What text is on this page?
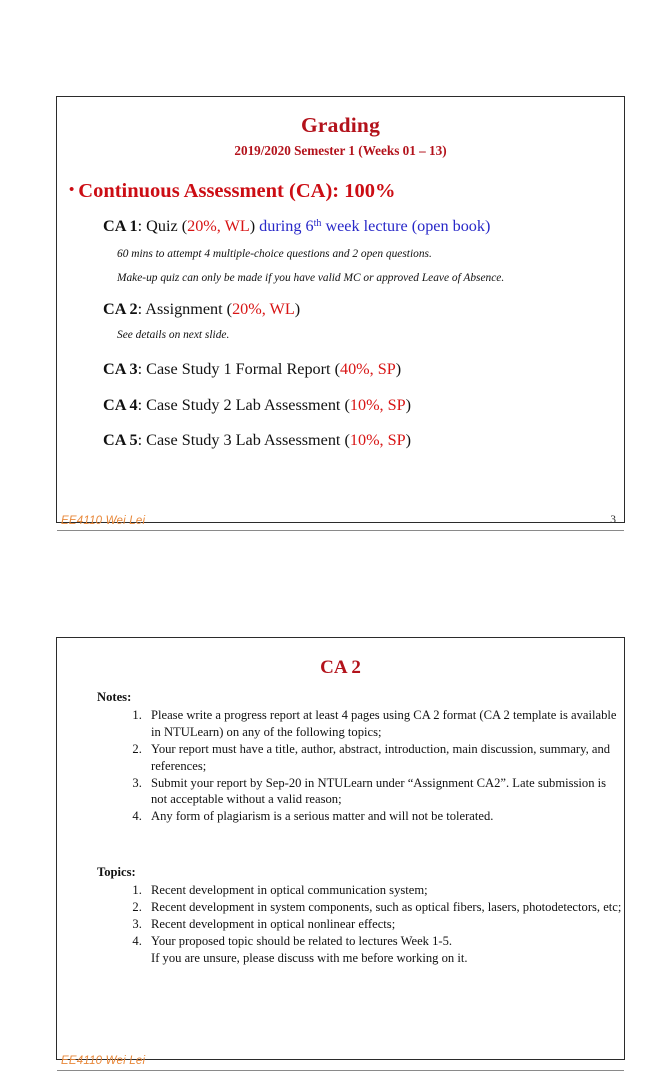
Grading
2019/2020 Semester 1 (Weeks 01 – 13)
• Continuous Assessment (CA): 100%
CA 1: Quiz (20%, WL) during 6th week lecture (open book)
60 mins to attempt 4 multiple-choice questions and 2 open questions.
Make-up quiz can only be made if you have valid MC or approved Leave of Absence.
CA 2: Assignment (20%, WL)
See details on next slide.
CA 3: Case Study 1 Formal Report (40%, SP)
CA 4: Case Study 2 Lab Assessment (10%, SP)
CA 5: Case Study 3 Lab Assessment (10%, SP)
EE4110 Wei Lei	3
CA 2
Notes:
1. Please write a progress report at least 4 pages using CA 2 format (CA 2 template is available in NTULearn) on any of the following topics;
2. Your report must have a title, author, abstract, introduction, main discussion, summary, and references;
3. Submit your report by Sep-20 in NTULearn under “Assignment CA2”. Late submission is not acceptable without a valid reason;
4. Any form of plagiarism is a serious matter and will not be tolerated.
Topics:
1. Recent development in optical communication system;
2. Recent development in system components, such as optical fibers, lasers, photodetectors, etc;
3. Recent development in optical nonlinear effects;
4. Your proposed topic should be related to lectures Week 1-5.
If you are unsure, please discuss with me before working on it.
EE4110 Wei Lei
